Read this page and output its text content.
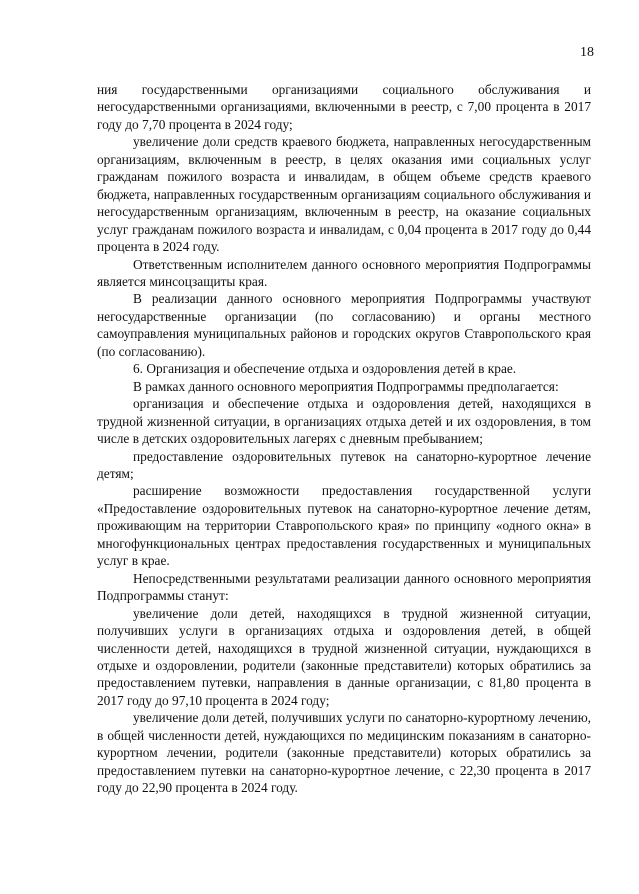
18

ния государственными организациями социального обслуживания и негосударственными организациями, включенными в реестр, с 7,00 процента в 2017 году до 7,70 процента в 2024 году;

увеличение доли средств краевого бюджета, направленных негосударственным организациям, включенным в реестр, в целях оказания ими социальных услуг гражданам пожилого возраста и инвалидам, в общем объеме средств краевого бюджета, направленных государственным организациям социального обслуживания и негосударственным организациям, включенным в реестр, на оказание социальных услуг гражданам пожилого возраста и инвалидам, с 0,04 процента в 2017 году до 0,44 процента в 2024 году.

Ответственным исполнителем данного основного мероприятия Подпрограммы является минсоцзащиты края.

В реализации данного основного мероприятия Подпрограммы участвуют негосударственные организации (по согласованию) и органы местного самоуправления муниципальных районов и городских округов Ставропольского края (по согласованию).

6. Организация и обеспечение отдыха и оздоровления детей в крае.

В рамках данного основного мероприятия Подпрограммы предполагается:

организация и обеспечение отдыха и оздоровления детей, находящихся в трудной жизненной ситуации, в организациях отдыха детей и их оздоровления, в том числе в детских оздоровительных лагерях с дневным пребыванием;

предоставление оздоровительных путевок на санаторно-курортное лечение детям;

расширение возможности предоставления государственной услуги «Предоставление оздоровительных путевок на санаторно-курортное лечение детям, проживающим на территории Ставропольского края» по принципу «одного окна» в многофункциональных центрах предоставления государственных и муниципальных услуг в крае.

Непосредственными результатами реализации данного основного мероприятия Подпрограммы станут:

увеличение доли детей, находящихся в трудной жизненной ситуации, получивших услуги в организациях отдыха и оздоровления детей, в общей численности детей, находящихся в трудной жизненной ситуации, нуждающихся в отдыхе и оздоровлении, родители (законные представители) которых обратились за предоставлением путевки, направления в данные организации, с 81,80 процента в 2017 году до 97,10 процента в 2024 году;

увеличение доли детей, получивших услуги по санаторно-курортному лечению, в общей численности детей, нуждающихся по медицинским показаниям в санаторно-курортном лечении, родители (законные представители) которых обратились за предоставлением путевки на санаторно-курортное лечение, с 22,30 процента в 2017 году до 22,90 процента в 2024 году.
